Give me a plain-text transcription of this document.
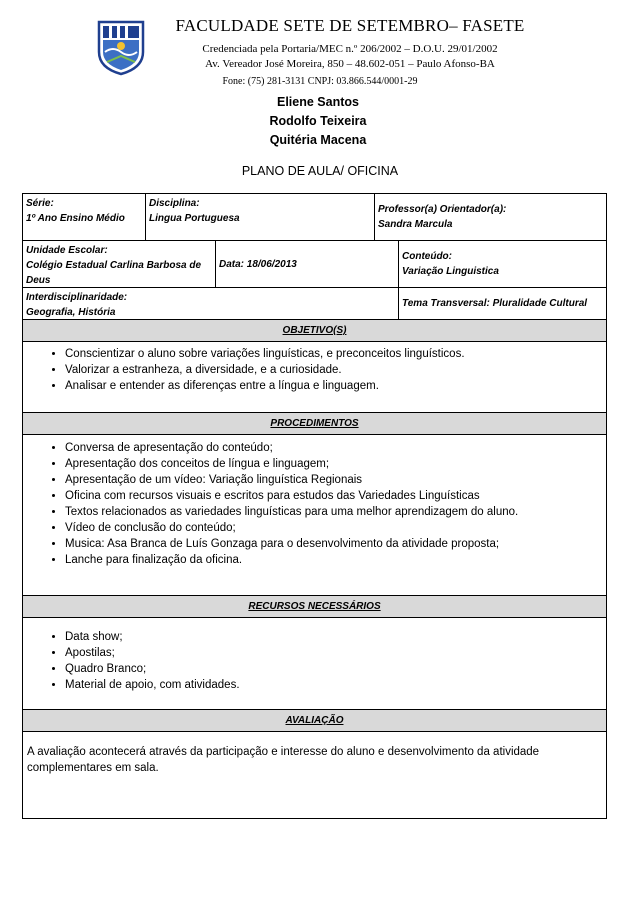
FACULDADE SETE DE SETEMBRO– FASETE
Credenciada pela Portaria/MEC n.º 206/2002 – D.O.U. 29/01/2002
Av. Vereador José Moreira, 850 – 48.602-051 – Paulo Afonso-BA
Fone: (75) 281-3131 CNPJ: 03.866.544/0001-29
Eliene Santos
Rodolfo Teixeira
Quitéria Macena
PLANO DE AULA/ OFICINA
Série:
1º Ano Ensino Médio
Disciplina:
Lingua Portuguesa
Professor(a) Orientador(a):
Sandra Marcula
Unidade Escolar:
Colégio Estadual Carlina Barbosa de Deus
Data: 18/06/2013
Conteúdo:
Variação Linguistica
Interdisciplinaridade:
Geografia, História
Tema Transversal: Pluralidade Cultural
OBJETIVO(S)
• Conscientizar o aluno sobre variações linguísticas, e preconceitos linguísticos.
• Valorizar a estranheza, a diversidade, e a curiosidade.
• Analisar e entender as diferenças entre a língua e linguagem.
PROCEDIMENTOS
• Conversa de apresentação do conteúdo;
• Apresentação dos conceitos de língua e linguagem;
• Apresentação de um vídeo: Variação linguística Regionais
• Oficina com recursos visuais e escritos para estudos das Variedades Linguísticas
• Textos relacionados as variedades linguísticas para uma melhor aprendizagem do aluno.
• Vídeo de conclusão do conteúdo;
• Musica: Asa Branca de Luís Gonzaga para o desenvolvimento da atividade proposta;
• Lanche para finalização da oficina.
RECURSOS NECESSÁRIOS
• Data show;
• Apostilas;
• Quadro Branco;
• Material de apoio, com atividades.
AVALIAÇÃO
A avaliação acontecerá através da participação e interesse do aluno e desenvolvimento da atividade complementares em sala.
